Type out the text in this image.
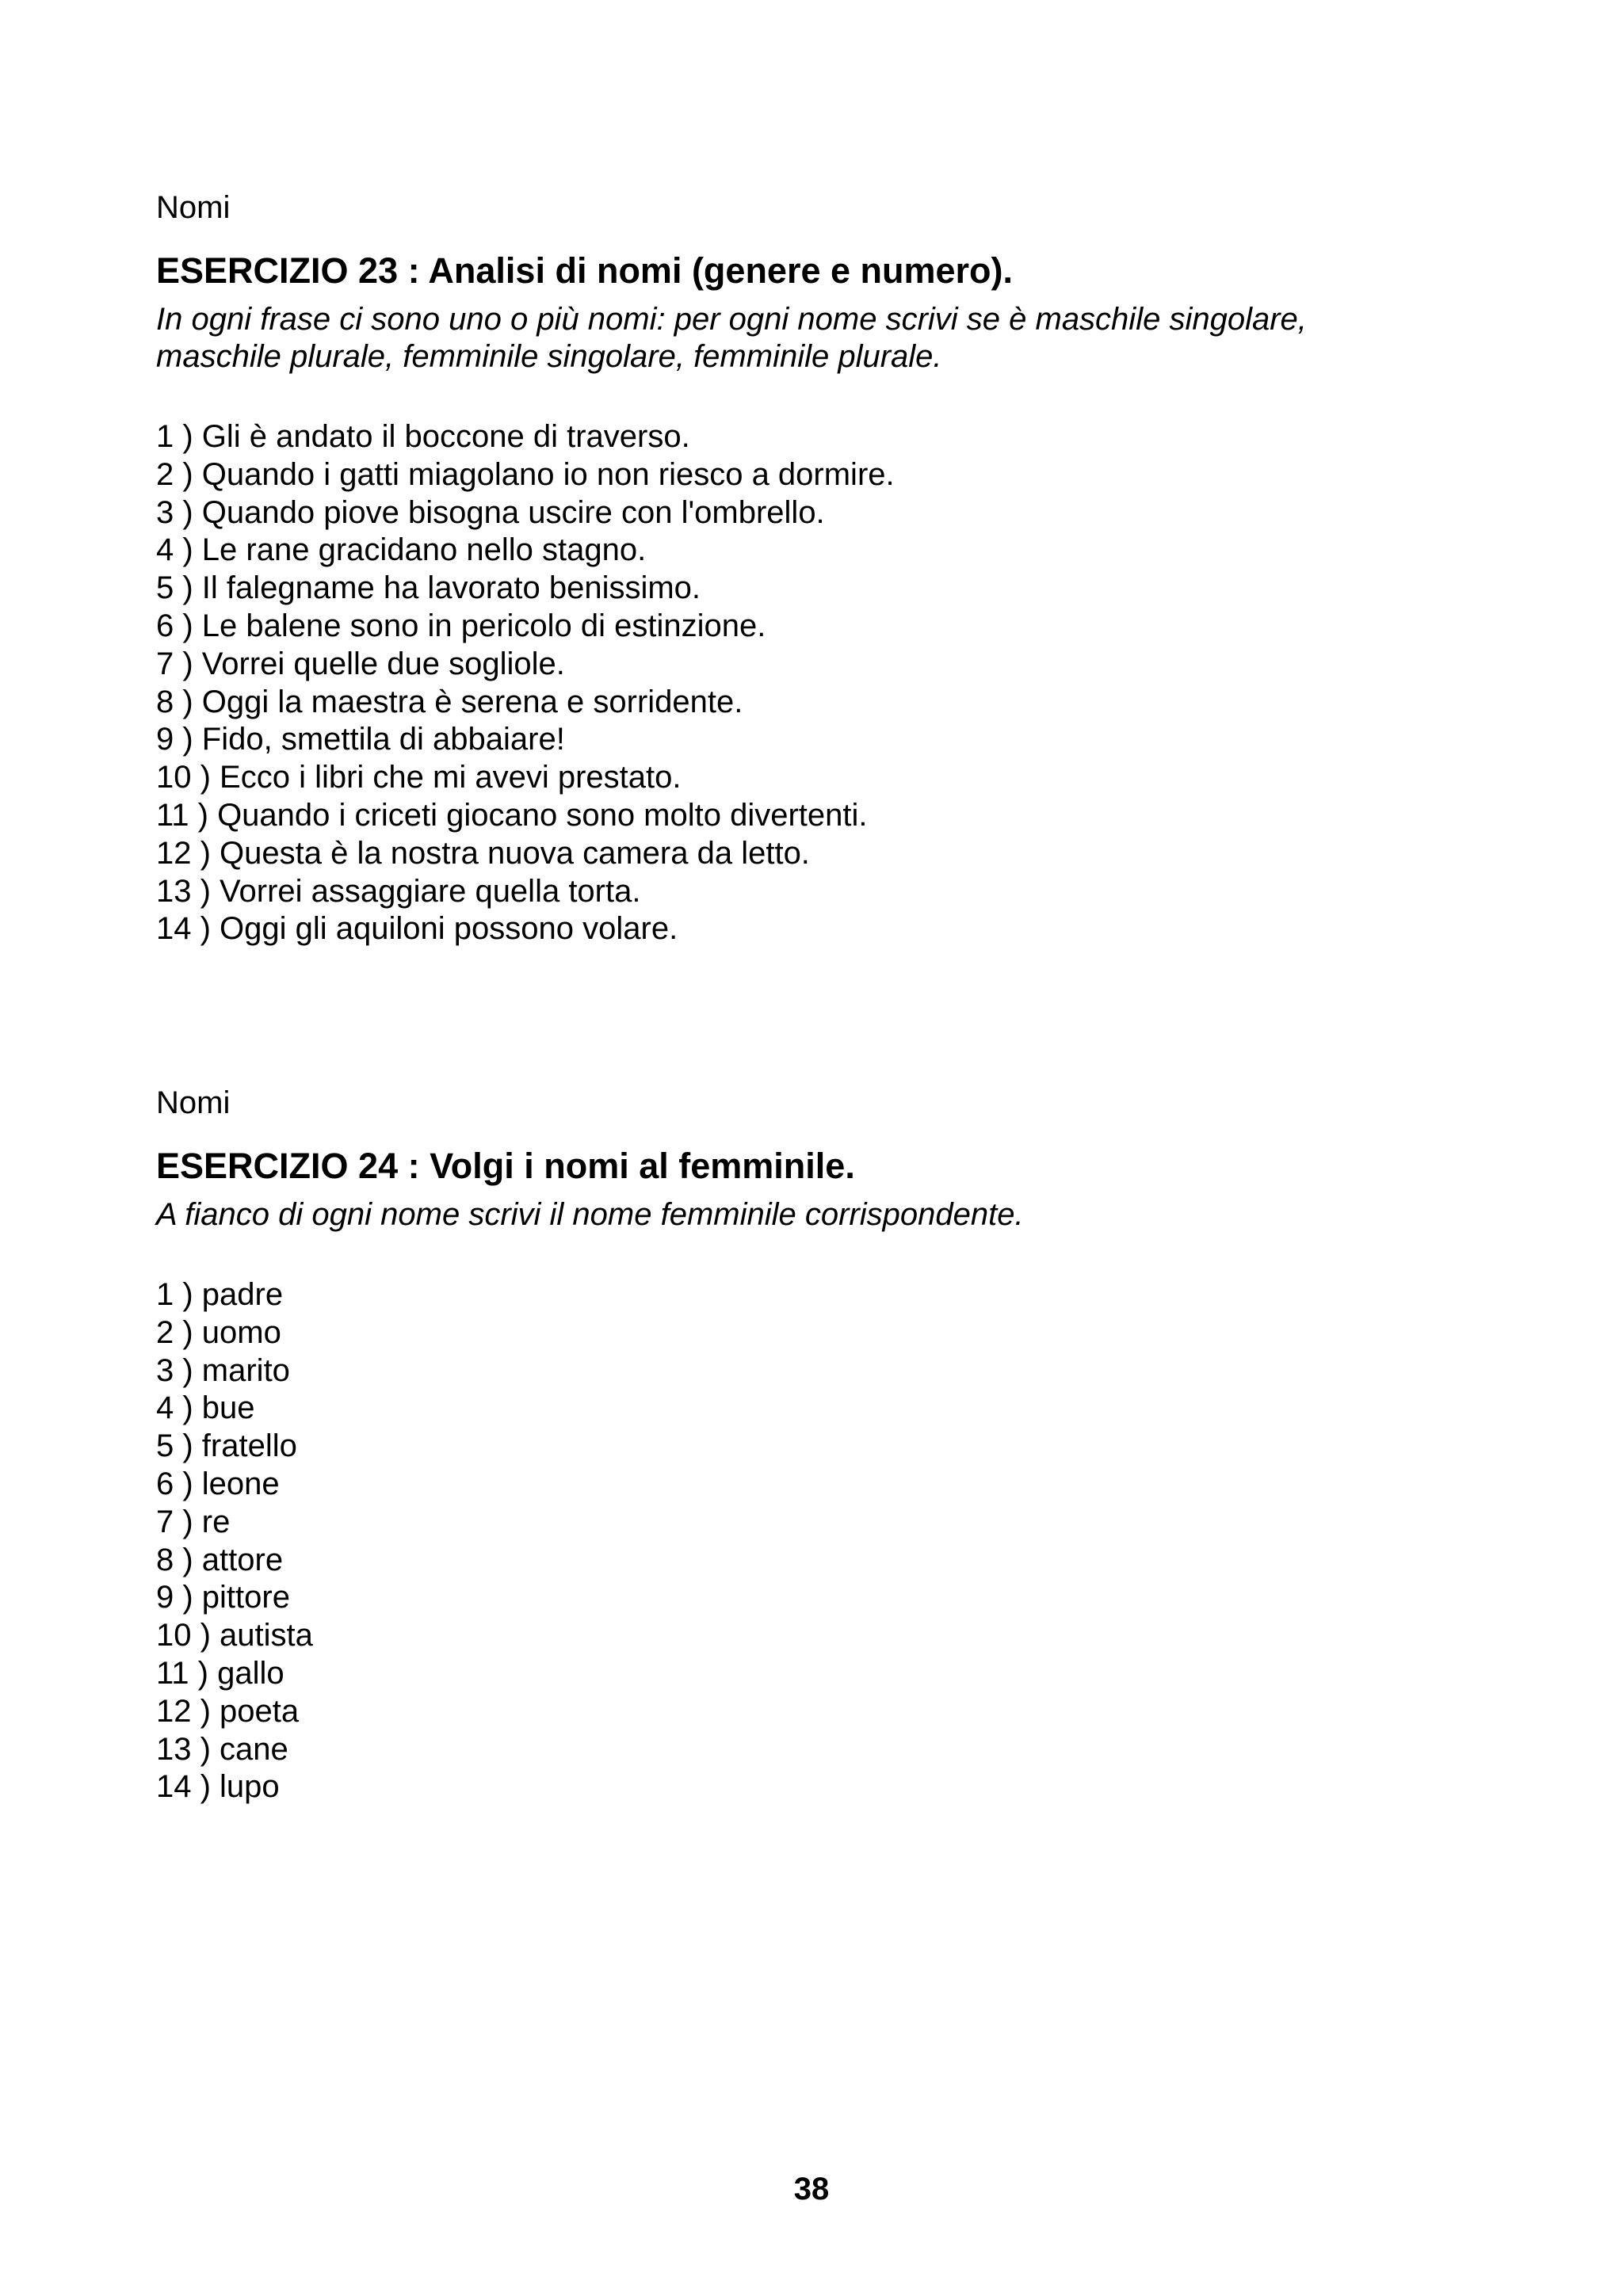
Nomi

ESERCIZIO 23 : Analisi di nomi (genere e numero).

In ogni frase ci sono uno o più nomi: per ogni nome scrivi se è maschile singolare,
maschile plurale, femminile singolare, femminile plurale.

1 ) Gli è andato il boccone di traverso.
2 ) Quando i gatti miagolano io non riesco a dormire.
3 ) Quando piove bisogna uscire con l'ombrello.
4 ) Le rane gracidano nello stagno.
5 ) Il falegname ha lavorato benissimo.
6 ) Le balene sono in pericolo di estinzione.
7 ) Vorrei quelle due sogliole.
8 ) Oggi la maestra è serena e sorridente.
9 ) Fido, smettila di abbaiare!
10 ) Ecco i libri che mi avevi prestato.
11 ) Quando i criceti giocano sono molto divertenti.
12 ) Questa è la nostra nuova camera da letto.
13 ) Vorrei assaggiare quella torta.
14 ) Oggi gli aquiloni possono volare.

Nomi

ESERCIZIO 24 : Volgi i nomi al femminile.

A fianco di ogni nome scrivi il nome femminile corrispondente.

1 ) padre
2 ) uomo
3 ) marito
4 ) bue
5 ) fratello
6 ) leone
7 ) re
8 ) attore
9 ) pittore
10 ) autista
11 ) gallo
12 ) poeta
13 ) cane
14 ) lupo
38
